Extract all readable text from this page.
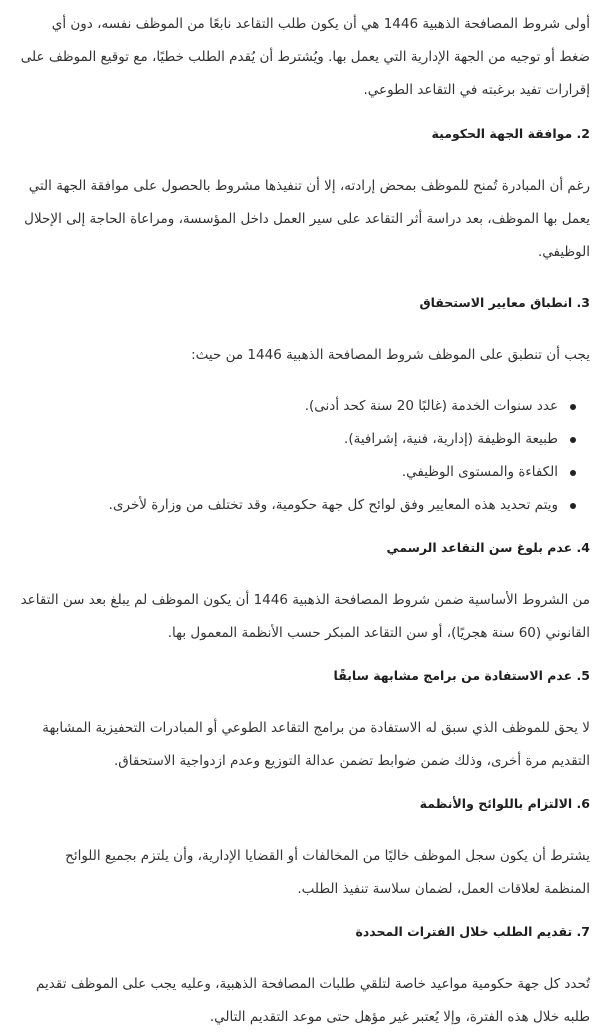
أولى شروط المصافحة الذهبية 1446 هي أن يكون طلب التقاعد نابعًا من الموظف نفسه، دون أي ضغط أو توجيه من الجهة الإدارية التي يعمل بها. ويُشترط أن يُقدم الطلب خطيًا، مع توقيع الموظف على إقرارات تفيد برغبته في التقاعد الطوعي.

2. موافقة الجهة الحكومية

رغم أن المبادرة تُمنح للموظف بمحض إرادته، إلا أن تنفيذها مشروط بالحصول على موافقة الجهة التي يعمل بها الموظف، بعد دراسة أثر التقاعد على سير العمل داخل المؤسسة، ومراعاة الحاجة إلى الإحلال الوظيفي.

3. انطباق معايير الاستحقاق

يجب أن تنطبق على الموظف شروط المصافحة الذهبية 1446 من حيث:

عدد سنوات الخدمة (غالبًا 20 سنة كحد أدنى).
طبيعة الوظيفة (إدارية، فنية، إشرافية).
الكفاءة والمستوى الوظيفي.
ويتم تحديد هذه المعايير وفق لوائح كل جهة حكومية، وقد تختلف من وزارة لأخرى.
4. عدم بلوغ سن التقاعد الرسمي

من الشروط الأساسية ضمن شروط المصافحة الذهبية 1446 أن يكون الموظف لم يبلغ بعد سن التقاعد القانوني (60 سنة هجريًا)، أو سن التقاعد المبكر حسب الأنظمة المعمول بها.

5. عدم الاستفادة من برامج مشابهة سابقًا

لا يحق للموظف الذي سبق له الاستفادة من برامج التقاعد الطوعي أو المبادرات التحفيزية المشابهة التقديم مرة أخرى، وذلك ضمن ضوابط تضمن عدالة التوزيع وعدم ازدواجية الاستحقاق.

6. الالتزام باللوائح والأنظمة

يشترط أن يكون سجل الموظف خاليًا من المخالفات أو القضايا الإدارية، وأن يلتزم بجميع اللوائح المنظمة لعلاقات العمل، لضمان سلاسة تنفيذ الطلب.

7. تقديم الطلب خلال الفترات المحددة

تُحدد كل جهة حكومية مواعيد خاصة لتلقي طلبات المصافحة الذهبية، وعليه يجب على الموظف تقديم طلبه خلال هذه الفترة، وإلا يُعتبر غير مؤهل حتى موعد التقديم التالي.
